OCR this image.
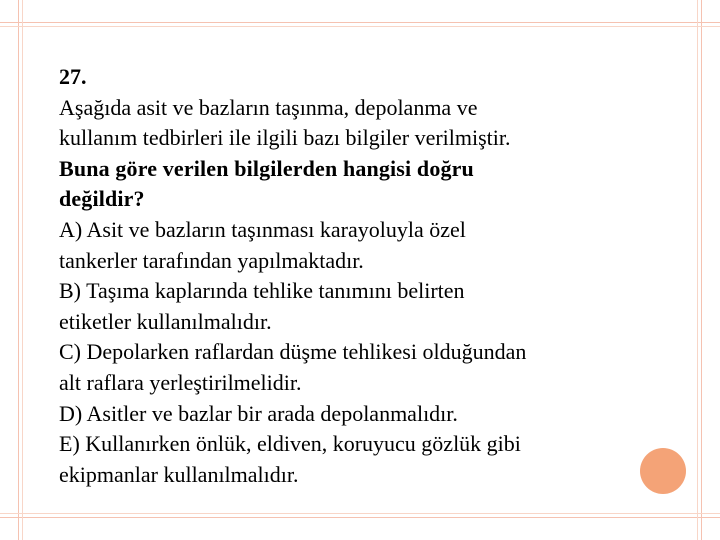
27.

Aşağıda asit ve bazların taşınma, depolanma ve

kullanım tedbirleri ile ilgili bazı bilgiler verilmiştir.

Buna göre verilen bilgilerden hangisi doğru

değildir?

A) Asit ve bazların taşınması karayoluyla özel

tankerler tarafından yapılmaktadır.

B) Taşıma kaplarında tehlike tanımını belirten

etiketler kullanılmalıdır.

C) Depolarken raflardan düşme tehlikesi olduğundan

alt raflara yerleştirilmelidir.

D) Asitler ve bazlar bir arada depolanmalıdır.

E) Kullanırken önlük, eldiven, koruyucu gözlük gibi

ekipmanlar kullanılmalıdır.
